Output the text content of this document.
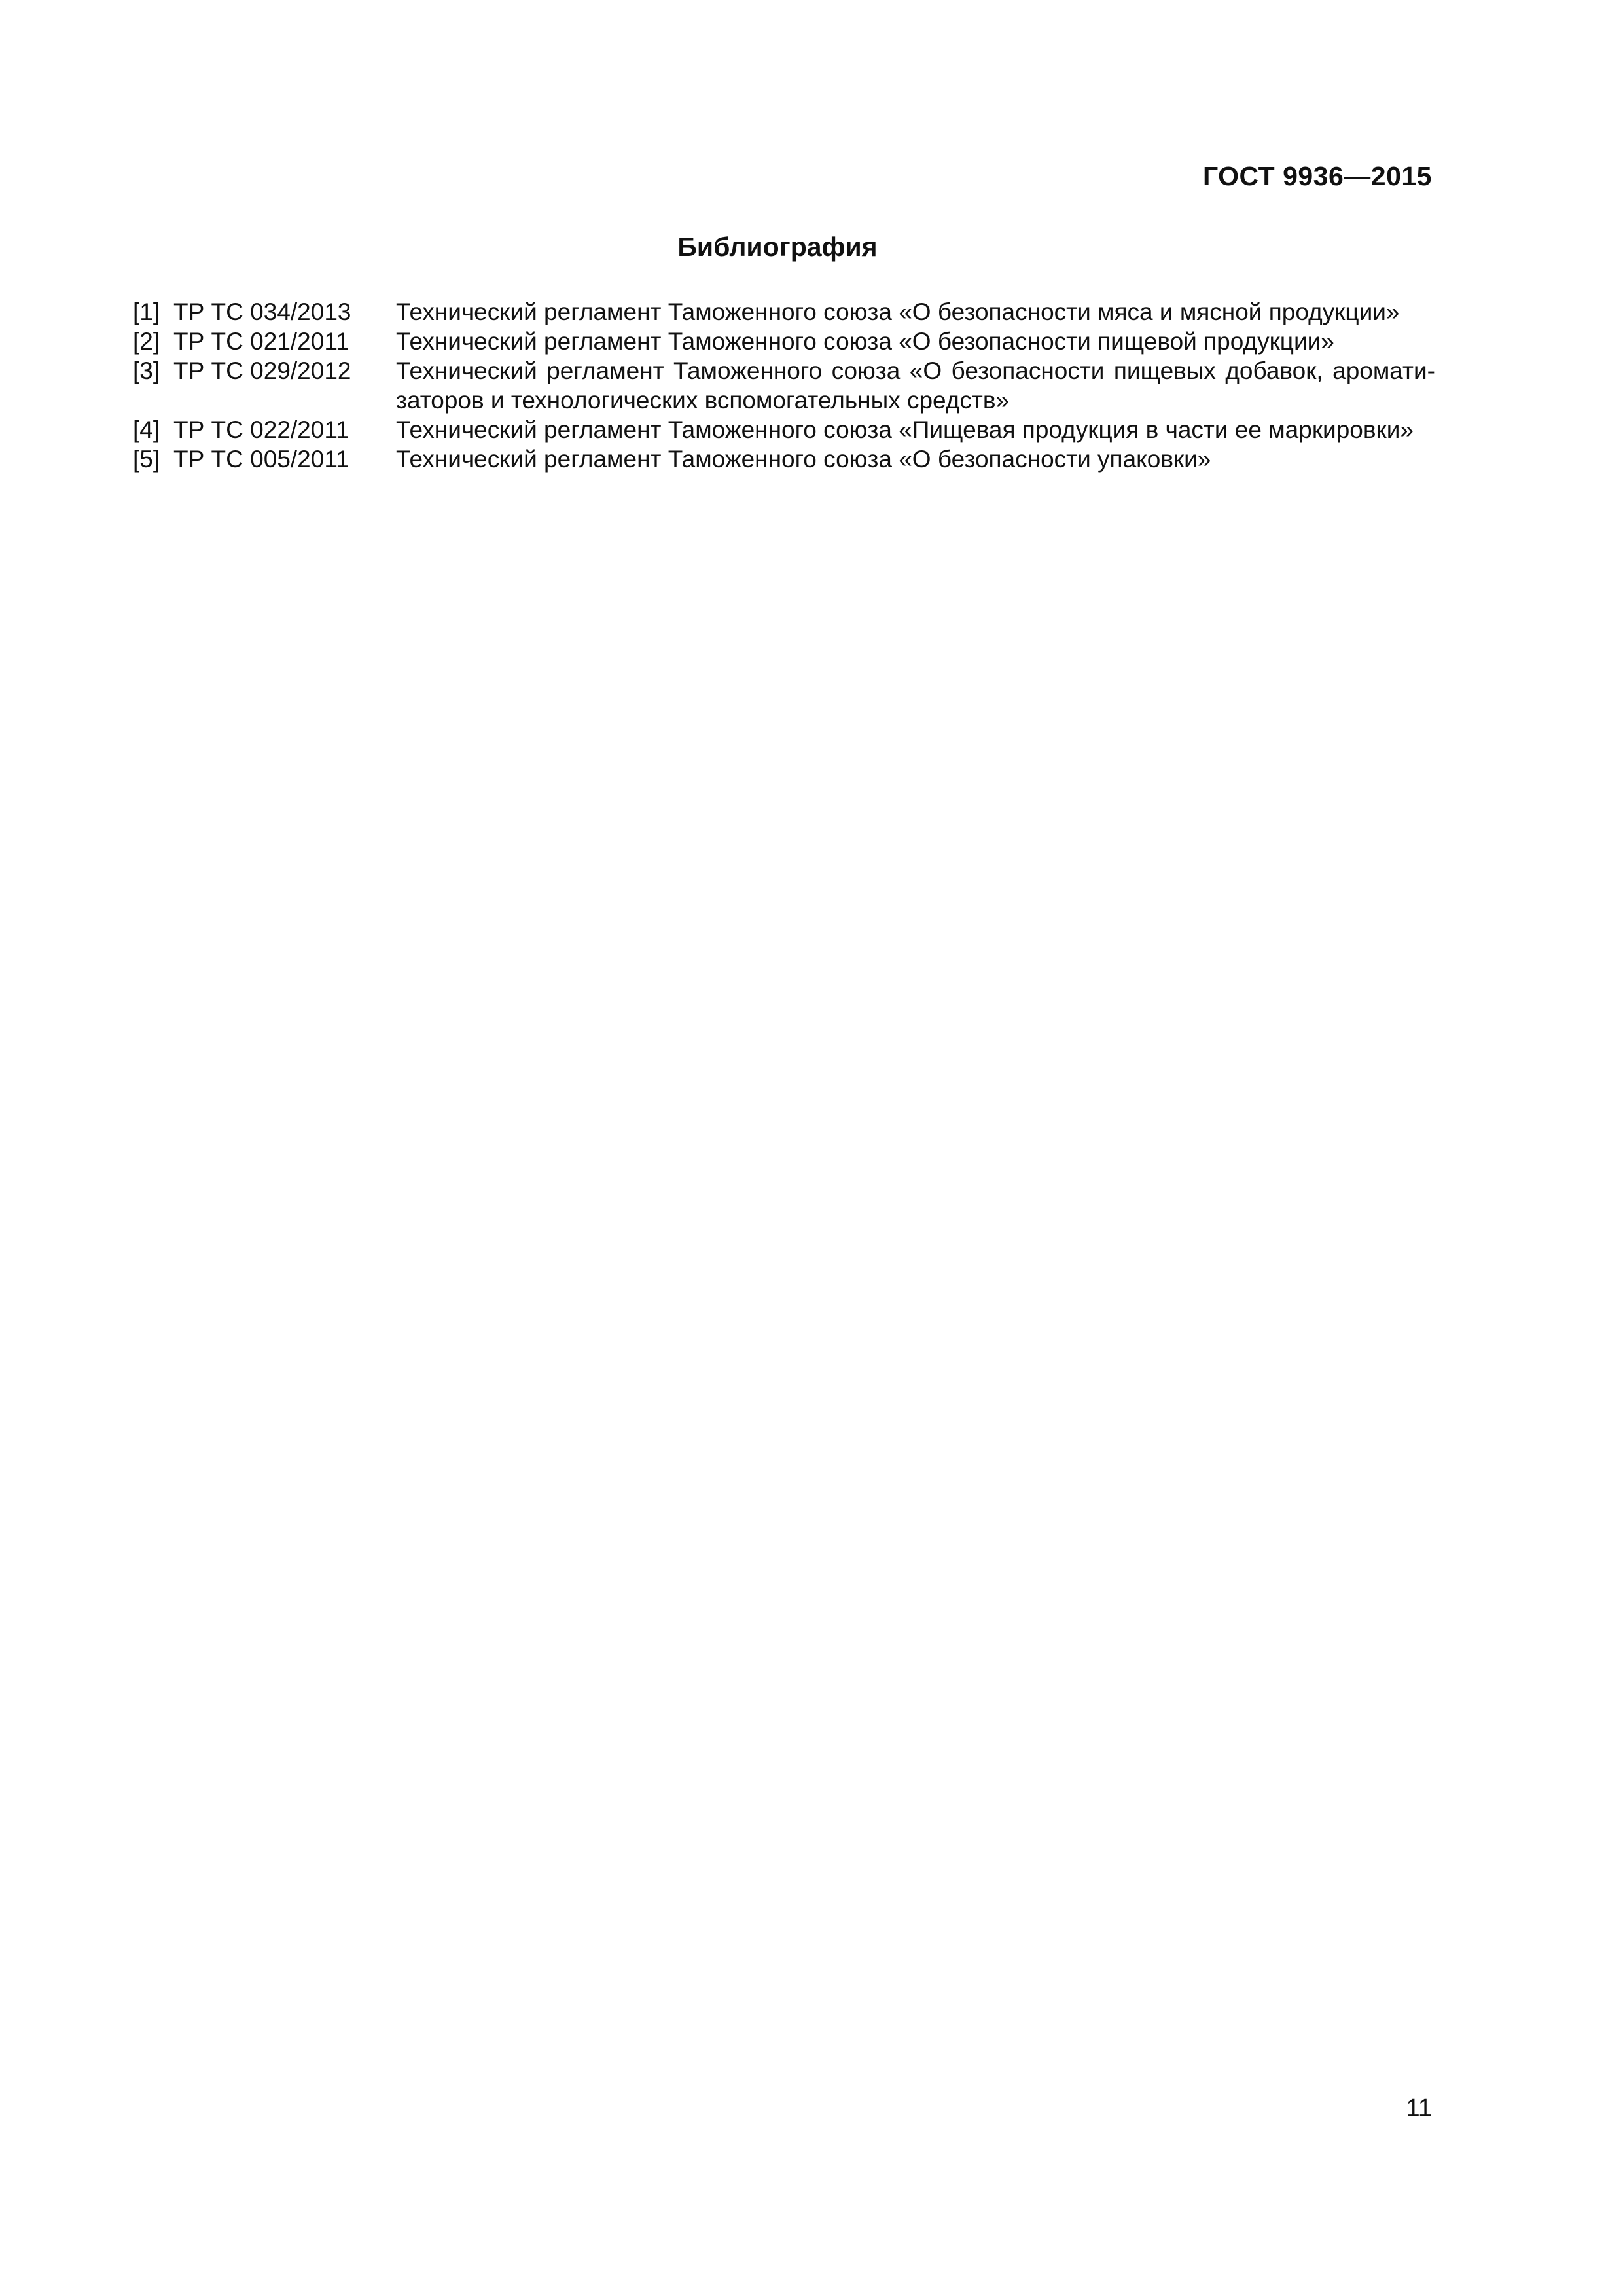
ГОСТ 9936—2015
Библиография
[1] ТР ТС 034/2013	Технический регламент Таможенного союза «О безопасности мяса и мясной продукции»
[2] ТР ТС 021/2011	Технический регламент Таможенного союза «О безопасности пищевой продукции»
[3] ТР ТС 029/2012	Технический регламент Таможенного союза «О безопасности пищевых добавок, аромати-
заторов и технологических вспомогательных средств»
[4] ТР ТС 022/2011	Технический регламент Таможенного союза «Пищевая продукция в части ее маркировки»
[5] ТР ТС 005/2011	Технический регламент Таможенного союза «О безопасности упаковки»
11
